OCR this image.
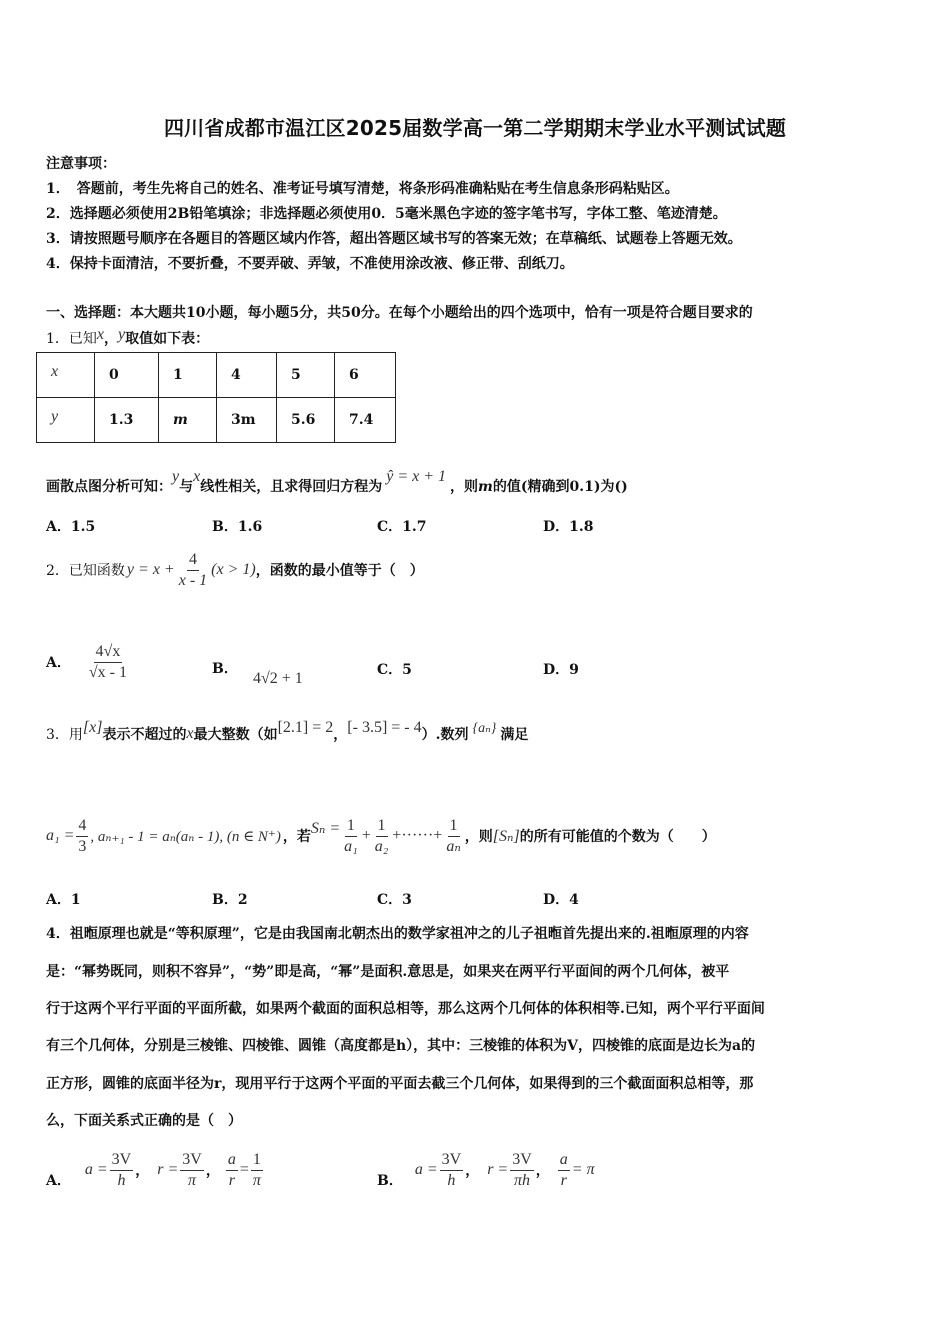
四川省成都市温江区2025届数学高一第二学期期末学业水平测试试题
注意事项：
1．　答题前，考生先将自己的姓名、准考证号填写清楚，将条形码准确粘贴在考生信息条形码粘贴区。
2．选择题必须使用2B铅笔填涂；非选择题必须使用0．5毫米黑色字迹的签字笔书写，字体工整、笔迹清楚。
3．请按照题号顺序在各题目的答题区域内作答，超出答题区域书写的答案无效；在草稿纸、试题卷上答题无效。
4．保持卡面清洁，不要折叠，不要弄破、弄皱，不准使用涂改液、修正带、刮纸刀。
一、选择题：本大题共10小题，每小题5分，共50分。在每个小题给出的四个选项中，恰有一项是符合题目要求的
1．已知x，y取值如下表：
x	0	1	4	5	6
y	1.3	m	3m	5.6	7.4
画散点图分析可知：y与x线性相关，且求得回归方程为ŷ = x + 1，则m的值(精确到0.1)为()
A．1.5	B．1.6	C．1.7	D．1.8
2．已知函数 $y = x + \frac{4}{x - 1} (x > 1)$ ，函数的最小值等于（　）
A． $\frac{4√x}{√x - 1}$	B． 4√2 + 1	C．5	D．9
3．用 [x] 表示不超过的 x 最大整数（如 [2.1] = 2 ， [- 3.5] = - 4 ）.数列 {aₙ} 满足
$a_1 = \frac{4}{3}$ , aₙ₊₁ - 1 = aₙ(aₙ - 1), (n ∈ N⁺) ，若 $S_n = \frac{1}{\text{a₁}} + \frac{1}{\text{a₂}}$ +······+ $\frac{1}{\text{aₙ}}$ ，则 [Sₙ] 的所有可能值的个数为（　　）
A．1	B．2	C．3	D．4
4．祖暅原理也就是“等积原理”，它是由我国南北朝杰出的数学家祖冲之的儿子祖暅首先提出来的.祖暅原理的内容
是：“幂势既同，则积不容异”，“势”即是高，“幂”是面积.意思是，如果夹在两平行平面间的两个几何体，被平
行于这两个平行平面的平面所截，如果两个截面的面积总相等，那么这两个几何体的体积相等.已知，两个平行平面间
有三个几何体，分别是三棱锥、四棱锥、圆锥（高度都是h），其中：三棱锥的体积为V，四棱锥的底面是边长为a的
正方形，圆锥的底面半径为r，现用平行于这两个平面的平面去截三个几何体，如果得到的三个截面面积总相等，那
么，下面关系式正确的是（　）
A．
$a = \frac{3V}{h}$ ， $r = \frac{3V}{\pi}$ ， $\frac{a}{r} = \frac{1}{\pi}$	B．
$a = \frac{3V}{h}$ ， $r = \frac{3V}{\pi h}$ ， $\frac{a}{r} = \pi$
